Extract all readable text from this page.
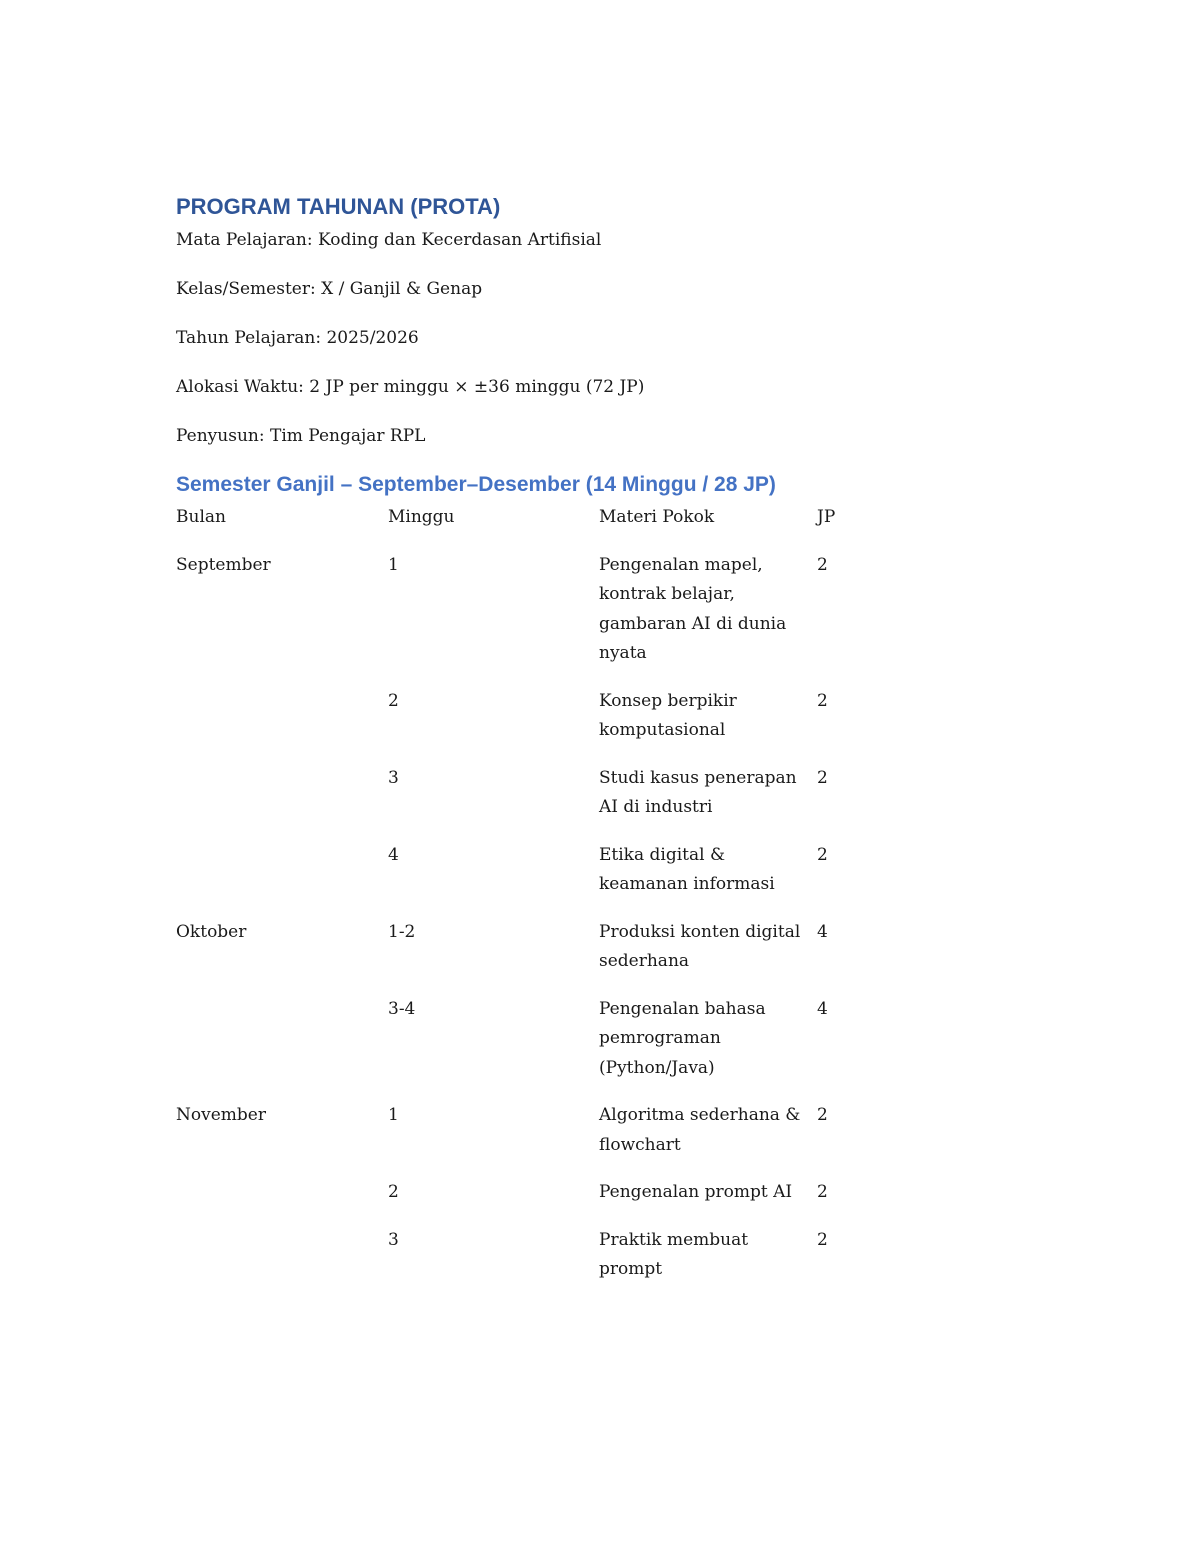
PROGRAM TAHUNAN (PROTA)

Mata Pelajaran: Koding dan Kecerdasan Artifisial

Kelas/Semester: X / Ganjil & Genap

Tahun Pelajaran: 2025/2026

Alokasi Waktu: 2 JP per minggu × ±36 minggu (72 JP)

Penyusun: Tim Pengajar RPL

Semester Ganjil – September–Desember (14 Minggu / 28 JP)
Bulan	Minggu	Materi Pokok	JP
September	1	Pengenalan mapel, kontrak belajar, gambaran AI di dunia nyata	2
	2	Konsep berpikir komputasional	2
	3	Studi kasus penerapan AI di industri	2
	4	Etika digital & keamanan informasi	2
Oktober	1-2	Produksi konten digital sederhana	4
	3-4	Pengenalan bahasa pemrograman (Python/Java)	4
November	1	Algoritma sederhana & flowchart	2
	2	Pengenalan prompt AI	2
	3	Praktik membuat prompt	2
